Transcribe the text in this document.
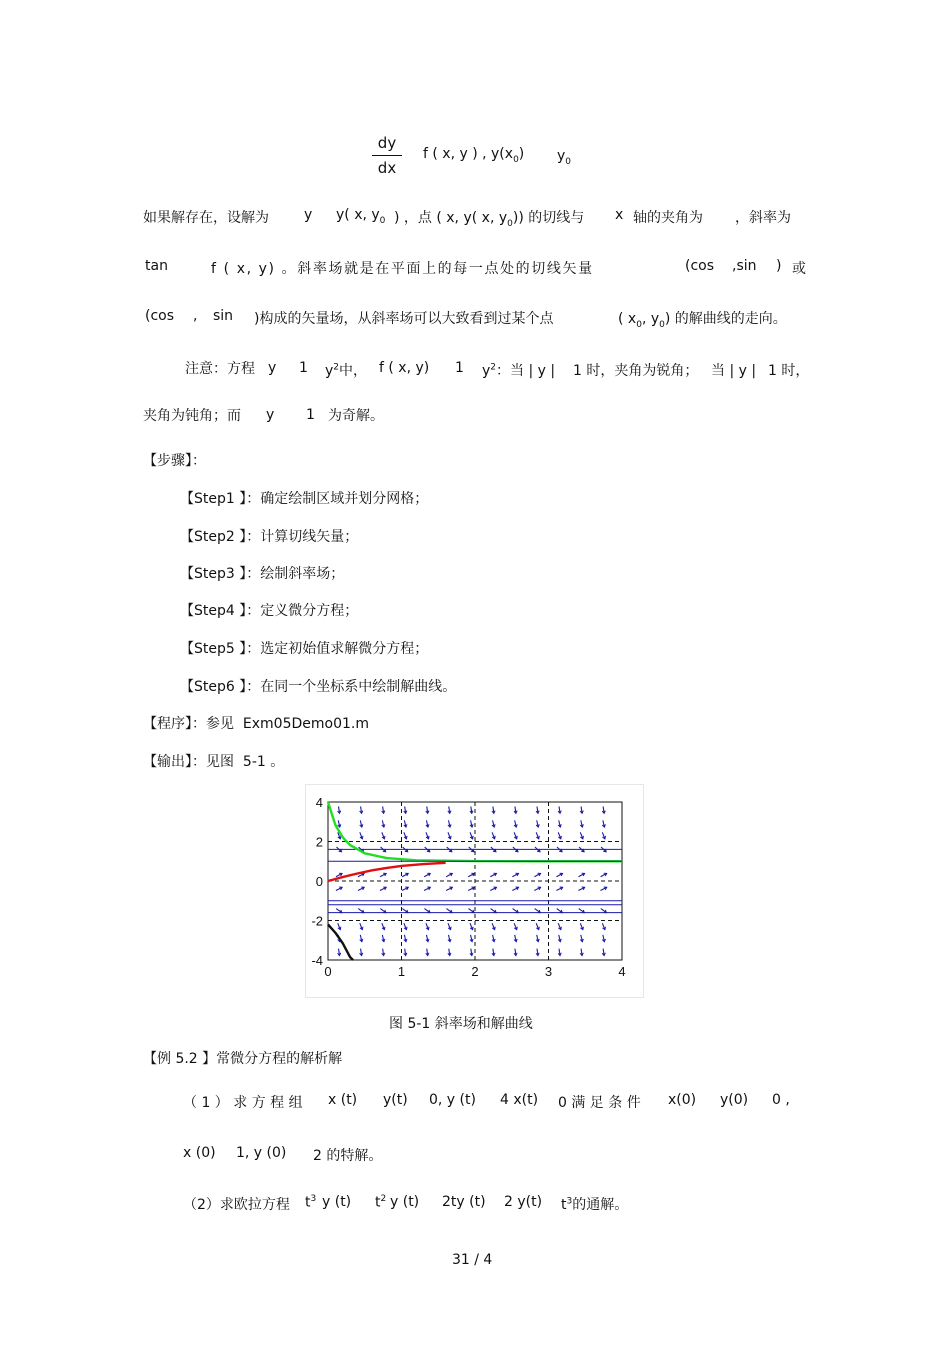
dy
dx
f ( x, y ) , $y(x_0)$ $y_0$
如果解存在，设解为	y y( x, $y_0$ ) ，点 ( x, y( x, $y_0$)) 的切线与 x 轴的夹角为 ，斜率为
tan	f ( x, y) 。斜率场就是在平面上的每一点处的切线矢量	(cos ,sin ) 或
(cos , sin )构成的矢量场，从斜率场可以大致看到过某个点	( $x_0$, $y_0$) 的解曲线的走向。
注意：方程 y 1 $y^2$中， f ( x, y) 1 $y^2$：当 | y | 1 时，夹角为锐角； 当 | y | 1 时，
夹角为钝角；而 y 1 为奇解。
【步骤】：
【Step1 】：确定绘制区域并划分网格；
【Step2 】：计算切线矢量；
【Step3 】：绘制斜率场；
【Step4 】：定义微分方程；
【Step5 】：选定初始值求解微分方程；
【Step6 】：在同一个坐标系中绘制解曲线。
【程序】：参见 Exm05Demo01.m
【输出】：见图 5-1 。
0	1	2	3	4
4
2
0
-2
-4
图 5-1 斜率场和解曲线
【例 5.2 】常微分方程的解析解
（ 1 ） 求 方 程 组 x (t) y(t) 0, y (t) 4 x(t) 0 满 足 条 件 x(0) y(0) 0 ,
x (0) 1, y (0) 2 的特解。
（2）求欧拉方程 $t^3$ y (t) $t^2$ y (t) 2ty (t) 2 y(t) $t^3$的通解。
31 / 4
